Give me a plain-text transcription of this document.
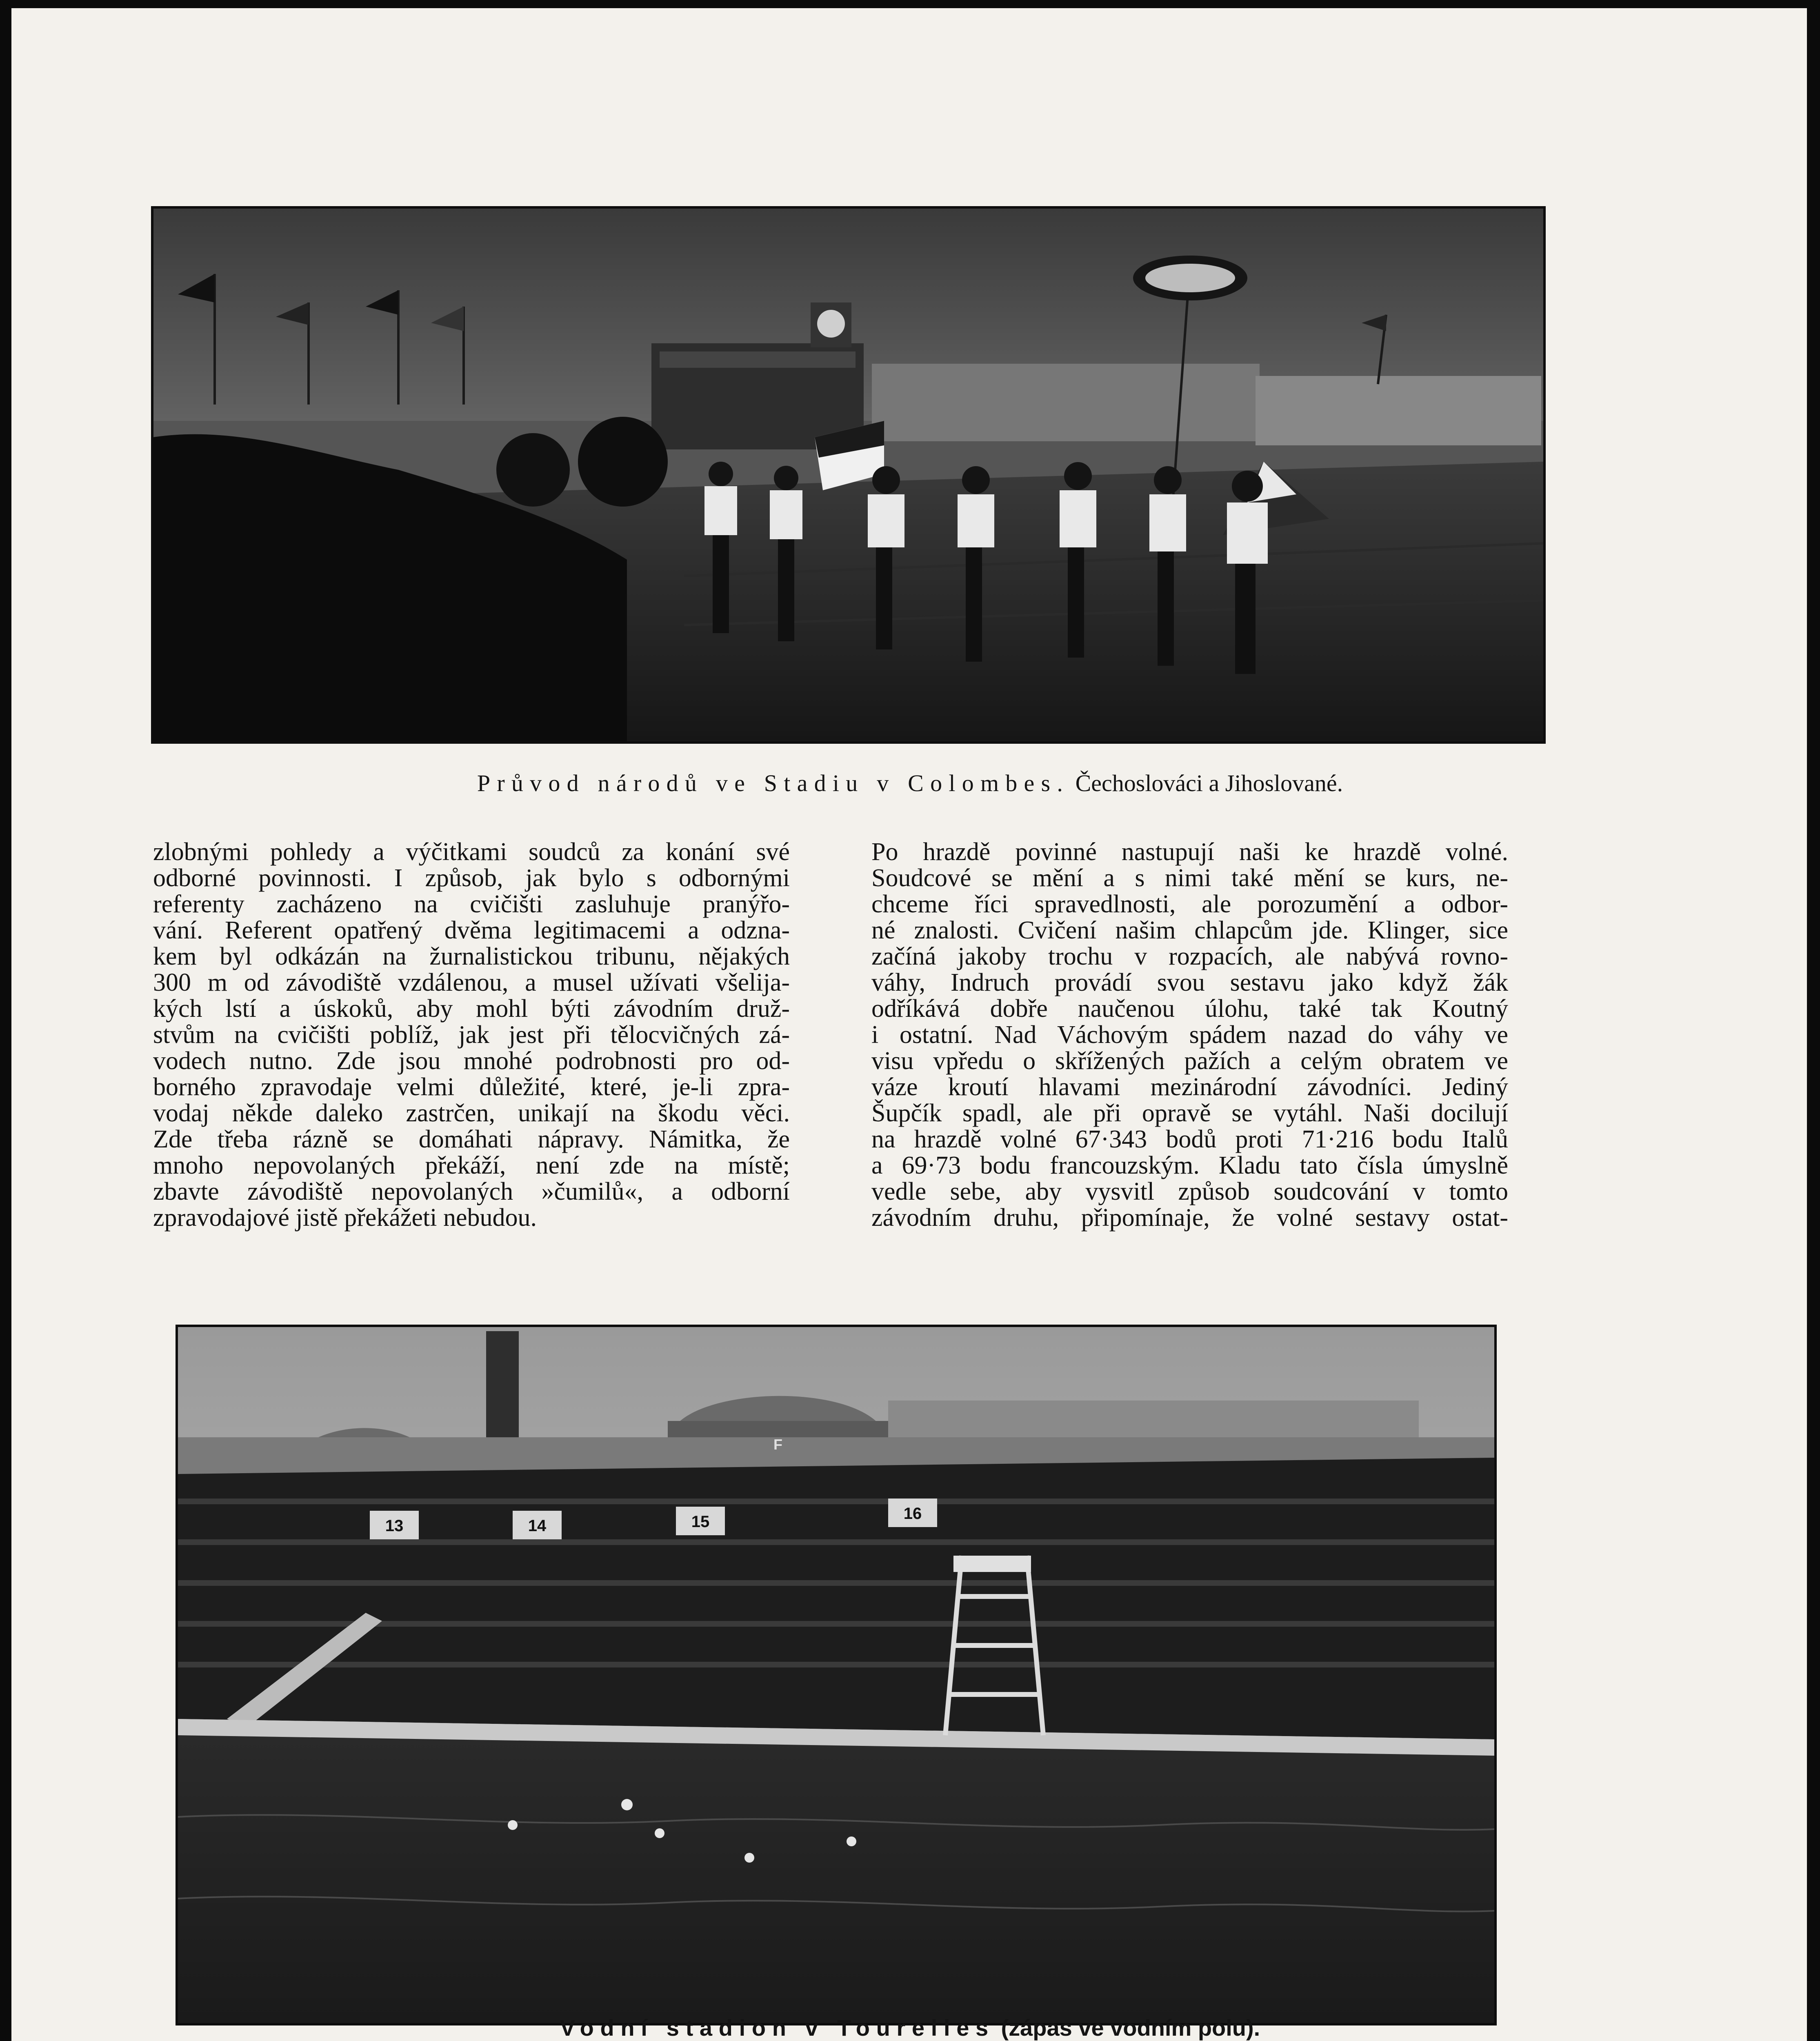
Průvod národů ve Stadiu v Colombes. Čechoslováci a Jihoslované.
zlobnými pohledy a výčitkami soudců za konání své
odborné povinnosti. I způsob, jak bylo s odbornými
referenty zacházeno na cvičišti zasluhuje pranýřo-
vání. Referent opatřený dvěma legitimacemi a odzna-
kem byl odkázán na žurnalistickou tribunu, nějakých
300 m od závodiště vzdálenou, a musel užívati všelija-
kých lstí a úskoků, aby mohl býti závodním druž-
stvům na cvičišti poblíž, jak jest při tělocvičných zá-
vodech nutno. Zde jsou mnohé podrobnosti pro od-
borného zpravodaje velmi důležité, které, je-li zpra-
vodaj někde daleko zastrčen, unikají na škodu věci.
Zde třeba rázně se domáhati nápravy. Námitka, že
mnoho nepovolaných překáží, není zde na místě;
zbavte závodiště nepovolaných »čumilů«, a odborní
zpravodajové jistě překážeti nebudou.
Po hrazdě povinné nastupují naši ke hrazdě volné.
Soudcové se mění a s nimi také mění se kurs, ne-
chceme říci spravedlnosti, ale porozumění a odbor-
né znalosti. Cvičení našim chlapcům jde. Klinger, sice
začíná jakoby trochu v rozpacích, ale nabývá rovno-
váhy, Indruch provádí svou sestavu jako když žák
odříkává dobře naučenou úlohu, také tak Koutný
i ostatní. Nad Váchovým spádem nazad do váhy ve
visu vpředu o skřížených pažích a celým obratem ve
váze kroutí hlavami mezinárodní závodníci. Jediný
Šupčík spadl, ale při opravě se vytáhl. Naši docilují
na hrazdě volné 67·343 bodů proti 71·216 bodu Italů
a 69·73 bodu francouzským. Kladu tato čísla úmyslně
vedle sebe, aby vysvitl způsob soudcování v tomto
závodním druhu, připomínaje, že volné sestavy ostat-
F
13	14	15	16
Vodní stadion v Tourelles (zápas ve vodním polu).
